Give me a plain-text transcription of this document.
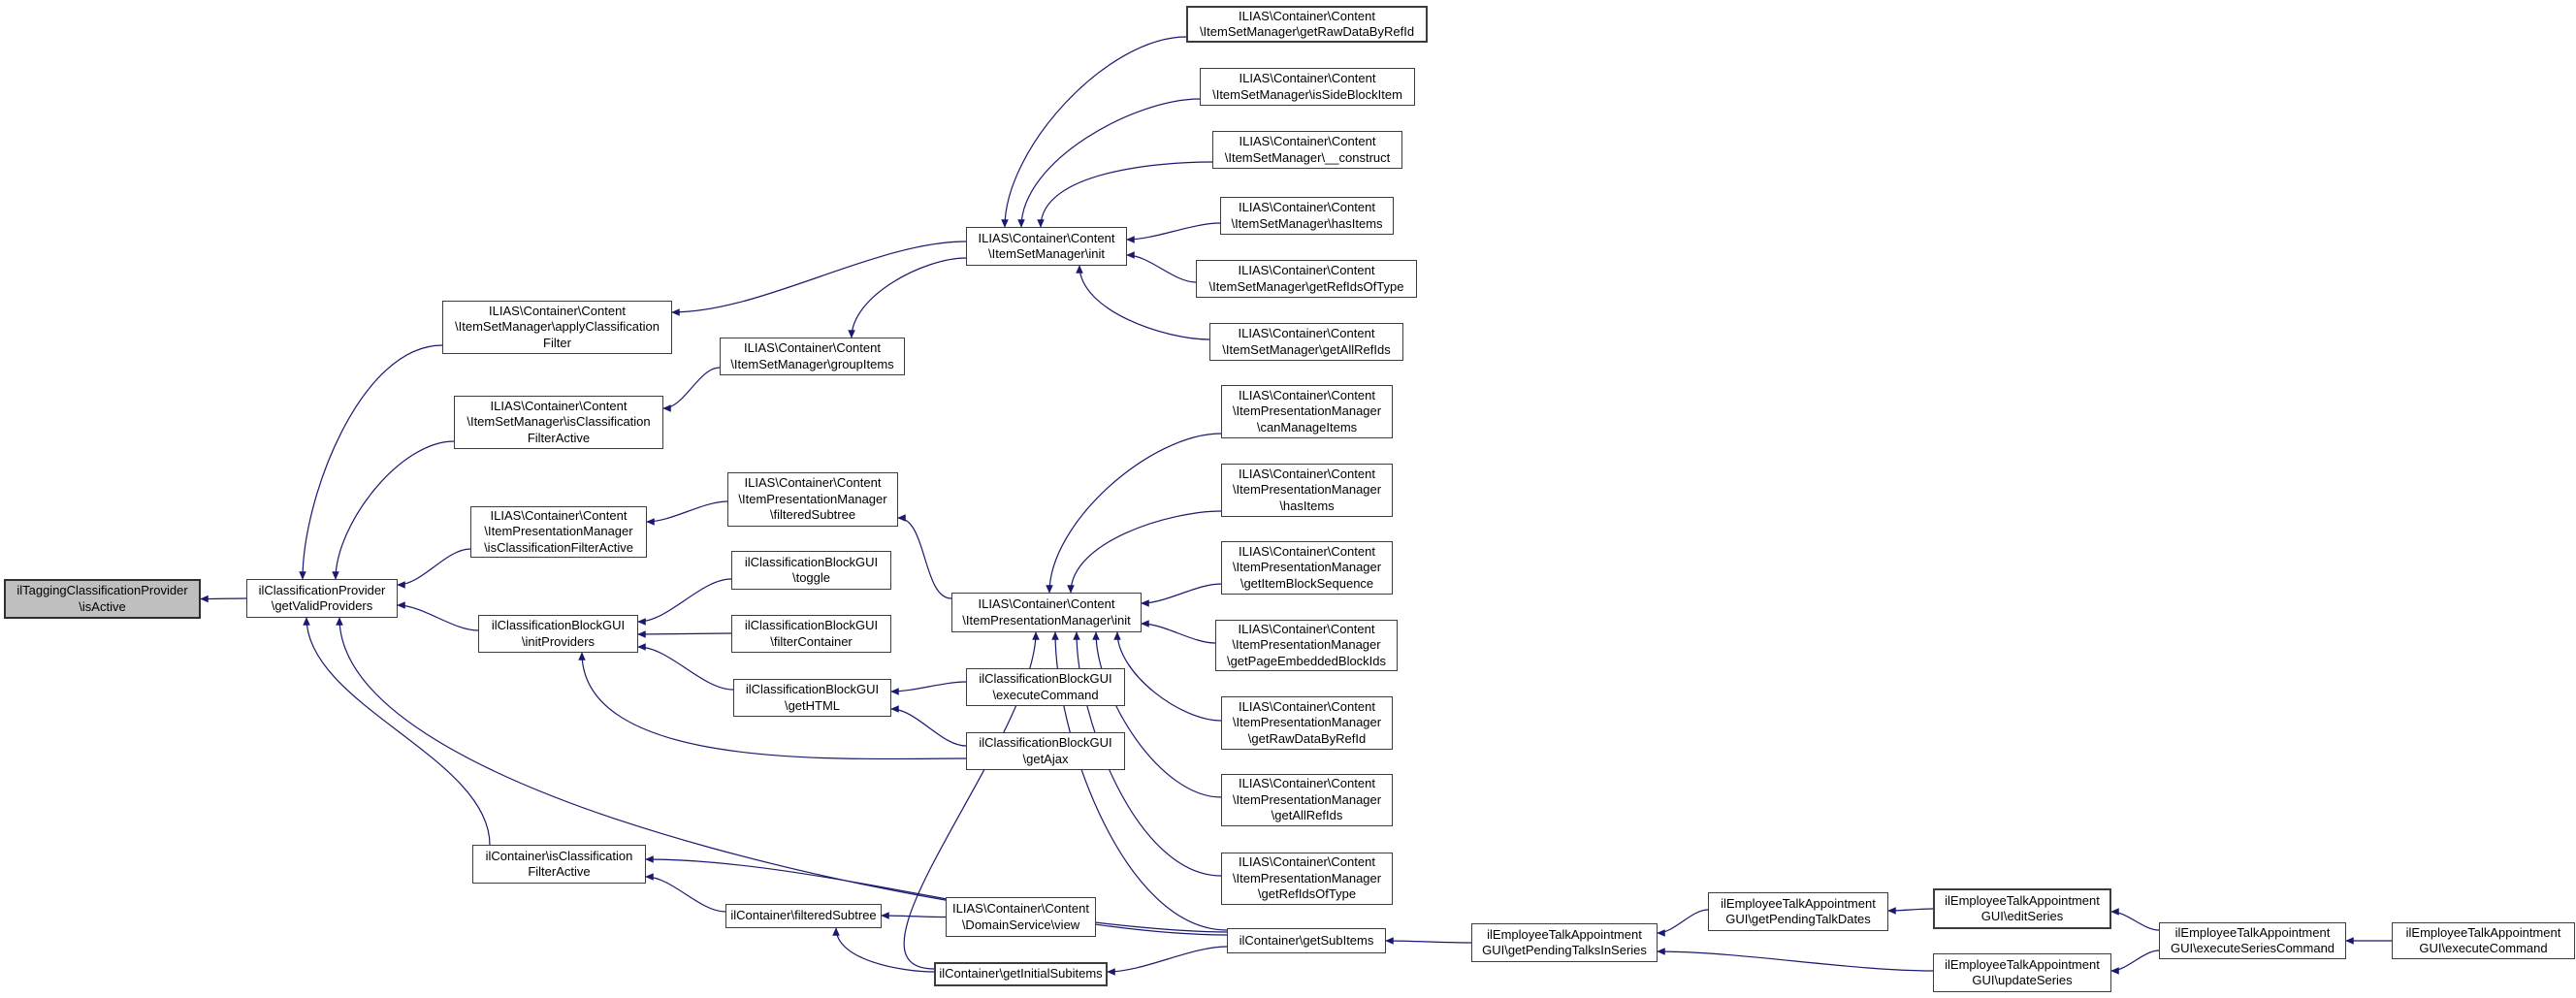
ilTaggingClassificationProvider
\isActive
ilClassificationProvider
\getValidProviders
ILIAS\Container\Content
\ItemSetManager\applyClassification
Filter
ILIAS\Container\Content
\ItemSetManager\isClassification
FilterActive
ILIAS\Container\Content
\ItemSetManager\groupItems
ILIAS\Container\Content
\ItemSetManager\init
ILIAS\Container\Content
\ItemSetManager\getRawDataByRefId
ILIAS\Container\Content
\ItemSetManager\isSideBlockItem
ILIAS\Container\Content
\ItemSetManager\__construct
ILIAS\Container\Content
\ItemSetManager\hasItems
ILIAS\Container\Content
\ItemSetManager\getRefIdsOfType
ILIAS\Container\Content
\ItemSetManager\getAllRefIds
ILIAS\Container\Content
\ItemPresentationManager
\isClassificationFilterActive
ILIAS\Container\Content
\ItemPresentationManager
\filteredSubtree
ilClassificationBlockGUI
\toggle
ilClassificationBlockGUI
\initProviders
ilClassificationBlockGUI
\filterContainer
ilClassificationBlockGUI
\getHTML
ilClassificationBlockGUI
\executeCommand
ilClassificationBlockGUI
\getAjax
ILIAS\Container\Content
\ItemPresentationManager\init
ILIAS\Container\Content
\ItemPresentationManager
\canManageItems
ILIAS\Container\Content
\ItemPresentationManager
\hasItems
ILIAS\Container\Content
\ItemPresentationManager
\getItemBlockSequence
ILIAS\Container\Content
\ItemPresentationManager
\getPageEmbeddedBlockIds
ILIAS\Container\Content
\ItemPresentationManager
\getRawDataByRefId
ILIAS\Container\Content
\ItemPresentationManager
\getAllRefIds
ILIAS\Container\Content
\ItemPresentationManager
\getRefIdsOfType
ilContainer\isClassification
FilterActive
ilContainer\filteredSubtree	ILIAS\Container\Content
\DomainService\view
ilContainer\getInitialSubitems
ilContainer\getSubItems	ilEmployeeTalkAppointment
GUI\getPendingTalksInSeries
ilEmployeeTalkAppointment
GUI\getPendingTalkDates
ilEmployeeTalkAppointment
GUI\editSeries
ilEmployeeTalkAppointment
GUI\updateSeries
ilEmployeeTalkAppointment
GUI\executeSeriesCommand
ilEmployeeTalkAppointment
GUI\executeCommand
